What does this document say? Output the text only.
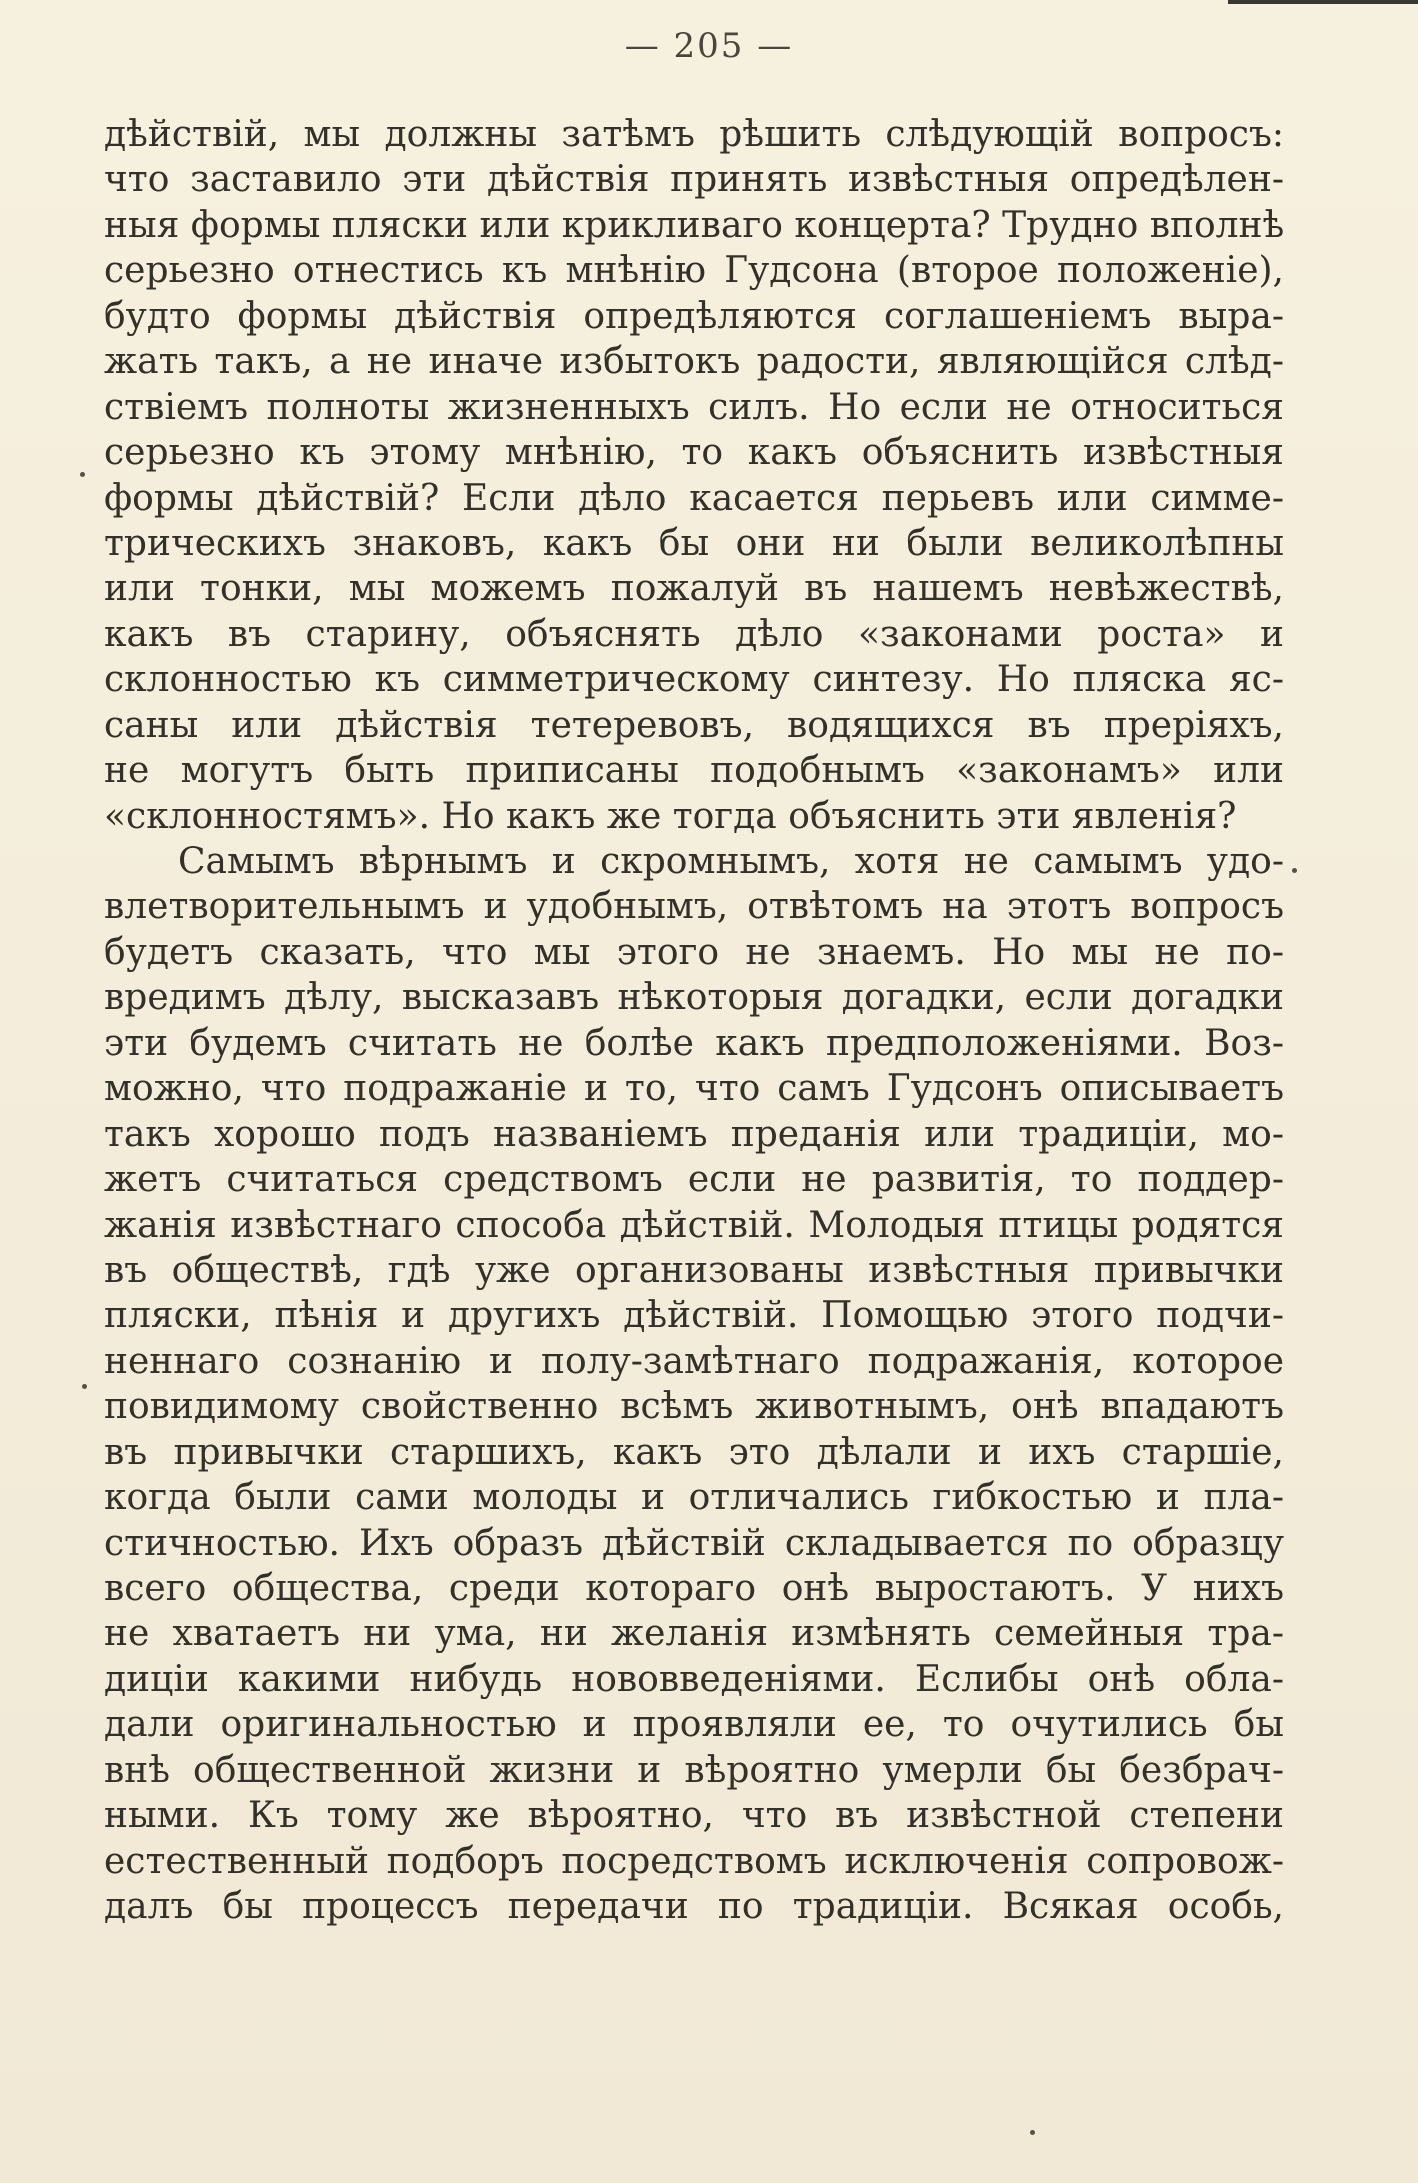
— 205 —
дѣйствій, мы должны затѣмъ рѣшить слѣдующій вопросъ:
что заставило эти дѣйствія принять извѣстныя опредѣлен-
ныя формы пляски или крикливаго концерта? Трудно вполнѣ
серьезно отнестись къ мнѣнію Гудсона (второе положеніе),
будто формы дѣйствія опредѣляются соглашеніемъ выра-
жать такъ, а не иначе избытокъ радости, являющійся слѣд-
ствіемъ полноты жизненныхъ силъ. Но если не относиться
серьезно къ этому мнѣнію, то какъ объяснить извѣстныя
формы дѣйствій? Если дѣло касается перьевъ или симме-
трическихъ знаковъ, какъ бы они ни были великолѣпны
или тонки, мы можемъ пожалуй въ нашемъ невѣжествѣ,
какъ въ старину, объяснять дѣло «законами роста» и
склонностью къ симметрическому синтезу. Но пляска яс-
саны или дѣйствія тетеревовъ, водящихся въ преріяхъ,
не могутъ быть приписаны подобнымъ «законамъ» или
«склонностямъ». Но какъ же тогда объяснить эти явленія?
Самымъ вѣрнымъ и скромнымъ, хотя не самымъ удо-
влетворительнымъ и удобнымъ, отвѣтомъ на этотъ вопросъ
будетъ сказать, что мы этого не знаемъ. Но мы не по-
вредимъ дѣлу, высказавъ нѣкоторыя догадки, если догадки
эти будемъ считать не болѣе какъ предположеніями. Воз-
можно, что подражаніе и то, что самъ Гудсонъ описываетъ
такъ хорошо подъ названіемъ преданія или традиціи, мо-
жетъ считаться средствомъ если не развитія, то поддер-
жанія извѣстнаго способа дѣйствій. Молодыя птицы родятся
въ обществѣ, гдѣ уже организованы извѣстныя привычки
пляски, пѣнія и другихъ дѣйствій. Помощью этого подчи-
неннаго сознанію и полу-замѣтнаго подражанія, которое
повидимому свойственно всѣмъ животнымъ, онѣ впадаютъ
въ привычки старшихъ, какъ это дѣлали и ихъ старшіе,
когда были сами молоды и отличались гибкостью и пла-
стичностью. Ихъ образъ дѣйствій складывается по образцу
всего общества, среди котораго онѣ выростаютъ. У нихъ
не хватаетъ ни ума, ни желанія измѣнять семейныя тра-
диціи какими нибудь нововведеніями. Еслибы онѣ обла-
дали оригинальностью и проявляли ее, то очутились бы
внѣ общественной жизни и вѣроятно умерли бы безбрач-
ными. Къ тому же вѣроятно, что въ извѣстной степени
естественный подборъ посредствомъ исключенія сопровож-
далъ бы процессъ передачи по традиціи. Всякая особь,
